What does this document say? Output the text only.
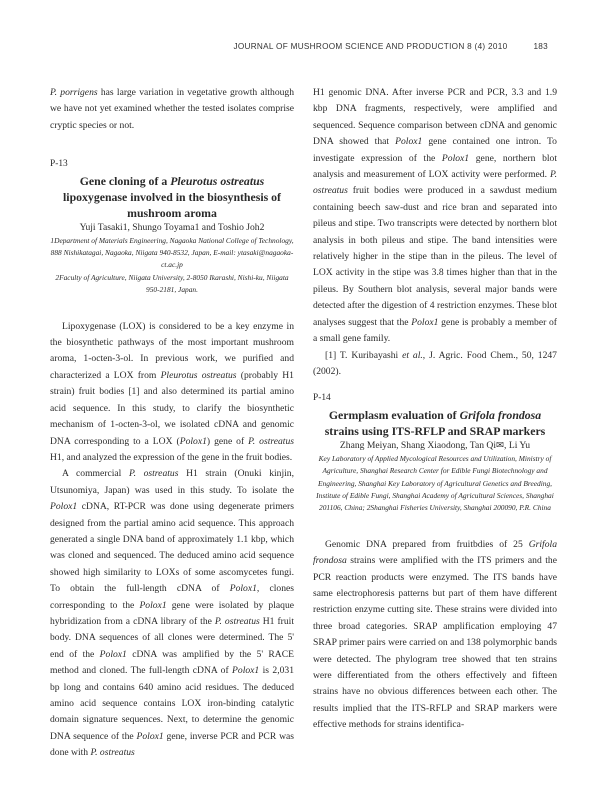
JOURNAL OF MUSHROOM SCIENCE AND PRODUCTION 8 (4) 2010	183

P. porrigens has large variation in vegetative growth although we have not yet examined whether the tested isolates comprise cryptic species or not.

P-13

Gene cloning of a Pleurotus ostreatus lipoxygenase involved in the biosynthesis of mushroom aroma

Yuji Tasaki1, Shungo Toyama1 and Toshio Joh2

1Department of Materials Engineering, Nagaoka National College of Technology, 888 Nishikatagai, Nagaoka, Niigata 940-8532, Japan, E-mail: ytasaki@nagaoka-ct.ac.jp

2Faculty of Agriculture, Niigata University, 2-8050 Ikarashi, Nishi-ku, Niigata 950-2181, Japan.

Lipoxygenase (LOX) is considered to be a key enzyme in the biosynthetic pathways of the most important mushroom aroma, 1-octen-3-ol. In previous work, we purified and characterized a LOX from Pleurotus ostreatus (probably H1 strain) fruit bodies [1] and also determined its partial amino acid sequence. In this study, to clarify the biosynthetic mechanism of 1-octen-3-ol, we isolated cDNA and genomic DNA corresponding to a LOX (Polox1) gene of P. ostreatus H1, and analyzed the expression of the gene in the fruit bodies.

A commercial P. ostreatus H1 strain (Onuki kinjin, Utsunomiya, Japan) was used in this study. To isolate the Polox1 cDNA, RT-PCR was done using degenerate primers designed from the partial amino acid sequence. This approach generated a single DNA band of approximately 1.1 kbp, which was cloned and sequenced. The deduced amino acid sequence showed high similarity to LOXs of some ascomycetes fungi. To obtain the full-length cDNA of Polox1, clones corresponding to the Polox1 gene were isolated by plaque hybridization from a cDNA library of the P. ostreatus H1 fruit body. DNA sequences of all clones were determined. The 5' end of the Polox1 cDNA was amplified by the 5' RACE method and cloned. The full-length cDNA of Polox1 is 2,031 bp long and contains 640 amino acid residues. The deduced amino acid sequence contains LOX iron-binding catalytic domain signature sequences. Next, to determine the genomic DNA sequence of the Polox1 gene, inverse PCR and PCR was done with P. ostreatus

H1 genomic DNA. After inverse PCR and PCR, 3.3 and 1.9 kbp DNA fragments, respectively, were amplified and sequenced. Sequence comparison between cDNA and genomic DNA showed that Polox1 gene contained one intron. To investigate expression of the Polox1 gene, northern blot analysis and measurement of LOX activity were performed. P. ostreatus fruit bodies were produced in a sawdust medium containing beech saw-dust and rice bran and separated into pileus and stipe. Two transcripts were detected by northern blot analysis in both pileus and stipe. The band intensities were relatively higher in the stipe than in the pileus. The level of LOX activity in the stipe was 3.8 times higher than that in the pileus. By Southern blot analysis, several major bands were detected after the digestion of 4 restriction enzymes. These blot analyses suggest that the Polox1 gene is probably a member of a small gene family.

[1] T. Kuribayashi et al., J. Agric. Food Chem., 50, 1247 (2002).

P-14

Germplasm evaluation of Grifola frondosa strains using ITS-RFLP and SRAP markers

Zhang Meiyan, Shang Xiaodong, Tan Qi✉, Li Yu

Key Laboratory of Applied Mycological Resources and Utilization, Ministry of Agriculture, Shanghai Research Center for Edible Fungi Biotechnology and Engineering, Shanghai Key Laboratory of Agricultural Genetics and Breeding, Institute of Edible Fungi, Shanghai Academy of Agricultural Sciences, Shanghai 201106, China; 2Shanghai Fisheries University, Shanghai 200090, P.R. China

Genomic DNA prepared from fruitbdies of 25 Grifola frondosa strains were amplified with the ITS primers and the PCR reaction products were enzymed. The ITS bands have same electrophoresis patterns but part of them have different restriction enzyme cutting site. These strains were divided into three broad categories. SRAP amplification employing 47 SRAP primer pairs were carried on and 138 polymorphic bands were detected. The phylogram tree showed that ten strains were differentiated from the others effectively and fifteen strains have no obvious differences between each other. The results implied that the ITS-RFLP and SRAP markers were effective methods for strains identifica-
